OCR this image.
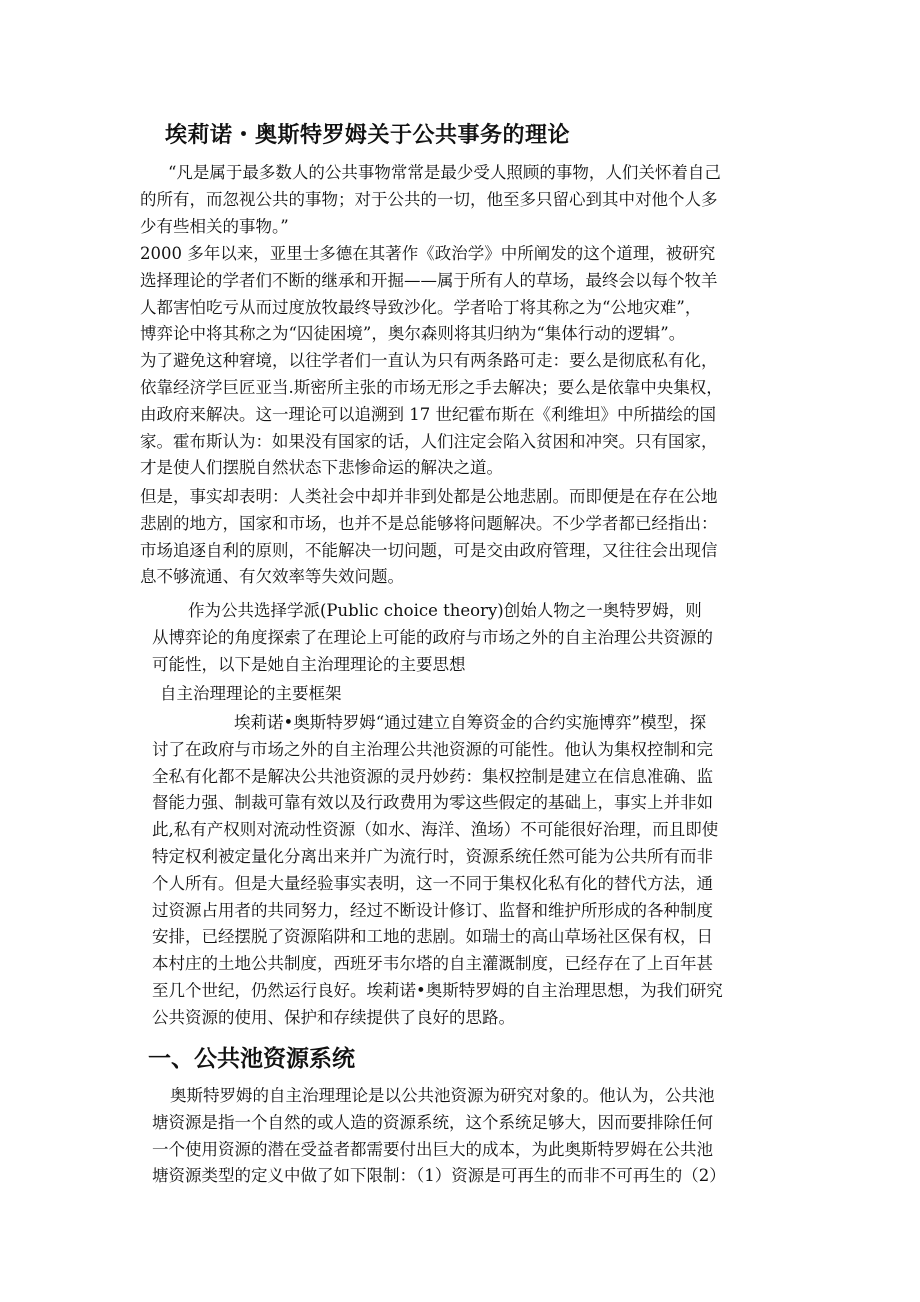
埃莉诺・奥斯特罗姆关于公共事务的理论
“凡是属于最多数人的公共事物常常是最少受人照顾的事物，人们关怀着自己
的所有，而忽视公共的事物；对于公共的一切，他至多只留心到其中对他个人多
少有些相关的事物。”
2000 多年以来，亚里士多德在其著作《政治学》中所阐发的这个道理，被研究
选择理论的学者们不断的继承和开掘——属于所有人的草场，最终会以每个牧羊
人都害怕吃亏从而过度放牧最终导致沙化。学者哈丁将其称之为“公地灾难”，
博弈论中将其称之为“囚徒困境”，奥尔森则将其归纳为“集体行动的逻辑”。
为了避免这种窘境，以往学者们一直认为只有两条路可走：要么是彻底私有化，
依靠经济学巨匠亚当.斯密所主张的市场无形之手去解决；要么是依靠中央集权，
由政府来解决。这一理论可以追溯到 17 世纪霍布斯在《利维坦》中所描绘的国
家。霍布斯认为：如果没有国家的话，人们注定会陷入贫困和冲突。只有国家，
才是使人们摆脱自然状态下悲惨命运的解决之道。
但是，事实却表明：人类社会中却并非到处都是公地悲剧。而即便是在存在公地
悲剧的地方，国家和市场，也并不是总能够将问题解决。不少学者都已经指出：
市场追逐自利的原则，不能解决一切问题，可是交由政府管理，又往往会出现信
息不够流通、有欠效率等失效问题。
作为公共选择学派(Public choice theory)创始人物之一奥特罗姆，则
从博弈论的角度探索了在理论上可能的政府与市场之外的自主治理公共资源的
可能性，以下是她自主治理理论的主要思想
自主治理理论的主要框架
埃莉诺•奥斯特罗姆“通过建立自筹资金的合约实施博弈”模型，探
讨了在政府与市场之外的自主治理公共池资源的可能性。他认为集权控制和完
全私有化都不是解决公共池资源的灵丹妙药：集权控制是建立在信息准确、监
督能力强、制裁可靠有效以及行政费用为零这些假定的基础上，事实上并非如
此,私有产权则对流动性资源（如水、海洋、渔场）不可能很好治理，而且即使
特定权利被定量化分离出来并广为流行时，资源系统任然可能为公共所有而非
个人所有。但是大量经验事实表明，这一不同于集权化私有化的替代方法，通
过资源占用者的共同努力，经过不断设计修订、监督和维护所形成的各种制度
安排，已经摆脱了资源陷阱和工地的悲剧。如瑞士的高山草场社区保有权，日
本村庄的土地公共制度，西班牙韦尔塔的自主灌溉制度，已经存在了上百年甚
至几个世纪，仍然运行良好。埃莉诺•奥斯特罗姆的自主治理思想，为我们研究
公共资源的使用、保护和存续提供了良好的思路。
一、公共池资源系统
奥斯特罗姆的自主治理理论是以公共池资源为研究对象的。他认为，公共池
塘资源是指一个自然的或人造的资源系统，这个系统足够大，因而要排除任何
一个使用资源的潜在受益者都需要付出巨大的成本，为此奥斯特罗姆在公共池
塘资源类型的定义中做了如下限制：（1）资源是可再生的而非不可再生的（2）
